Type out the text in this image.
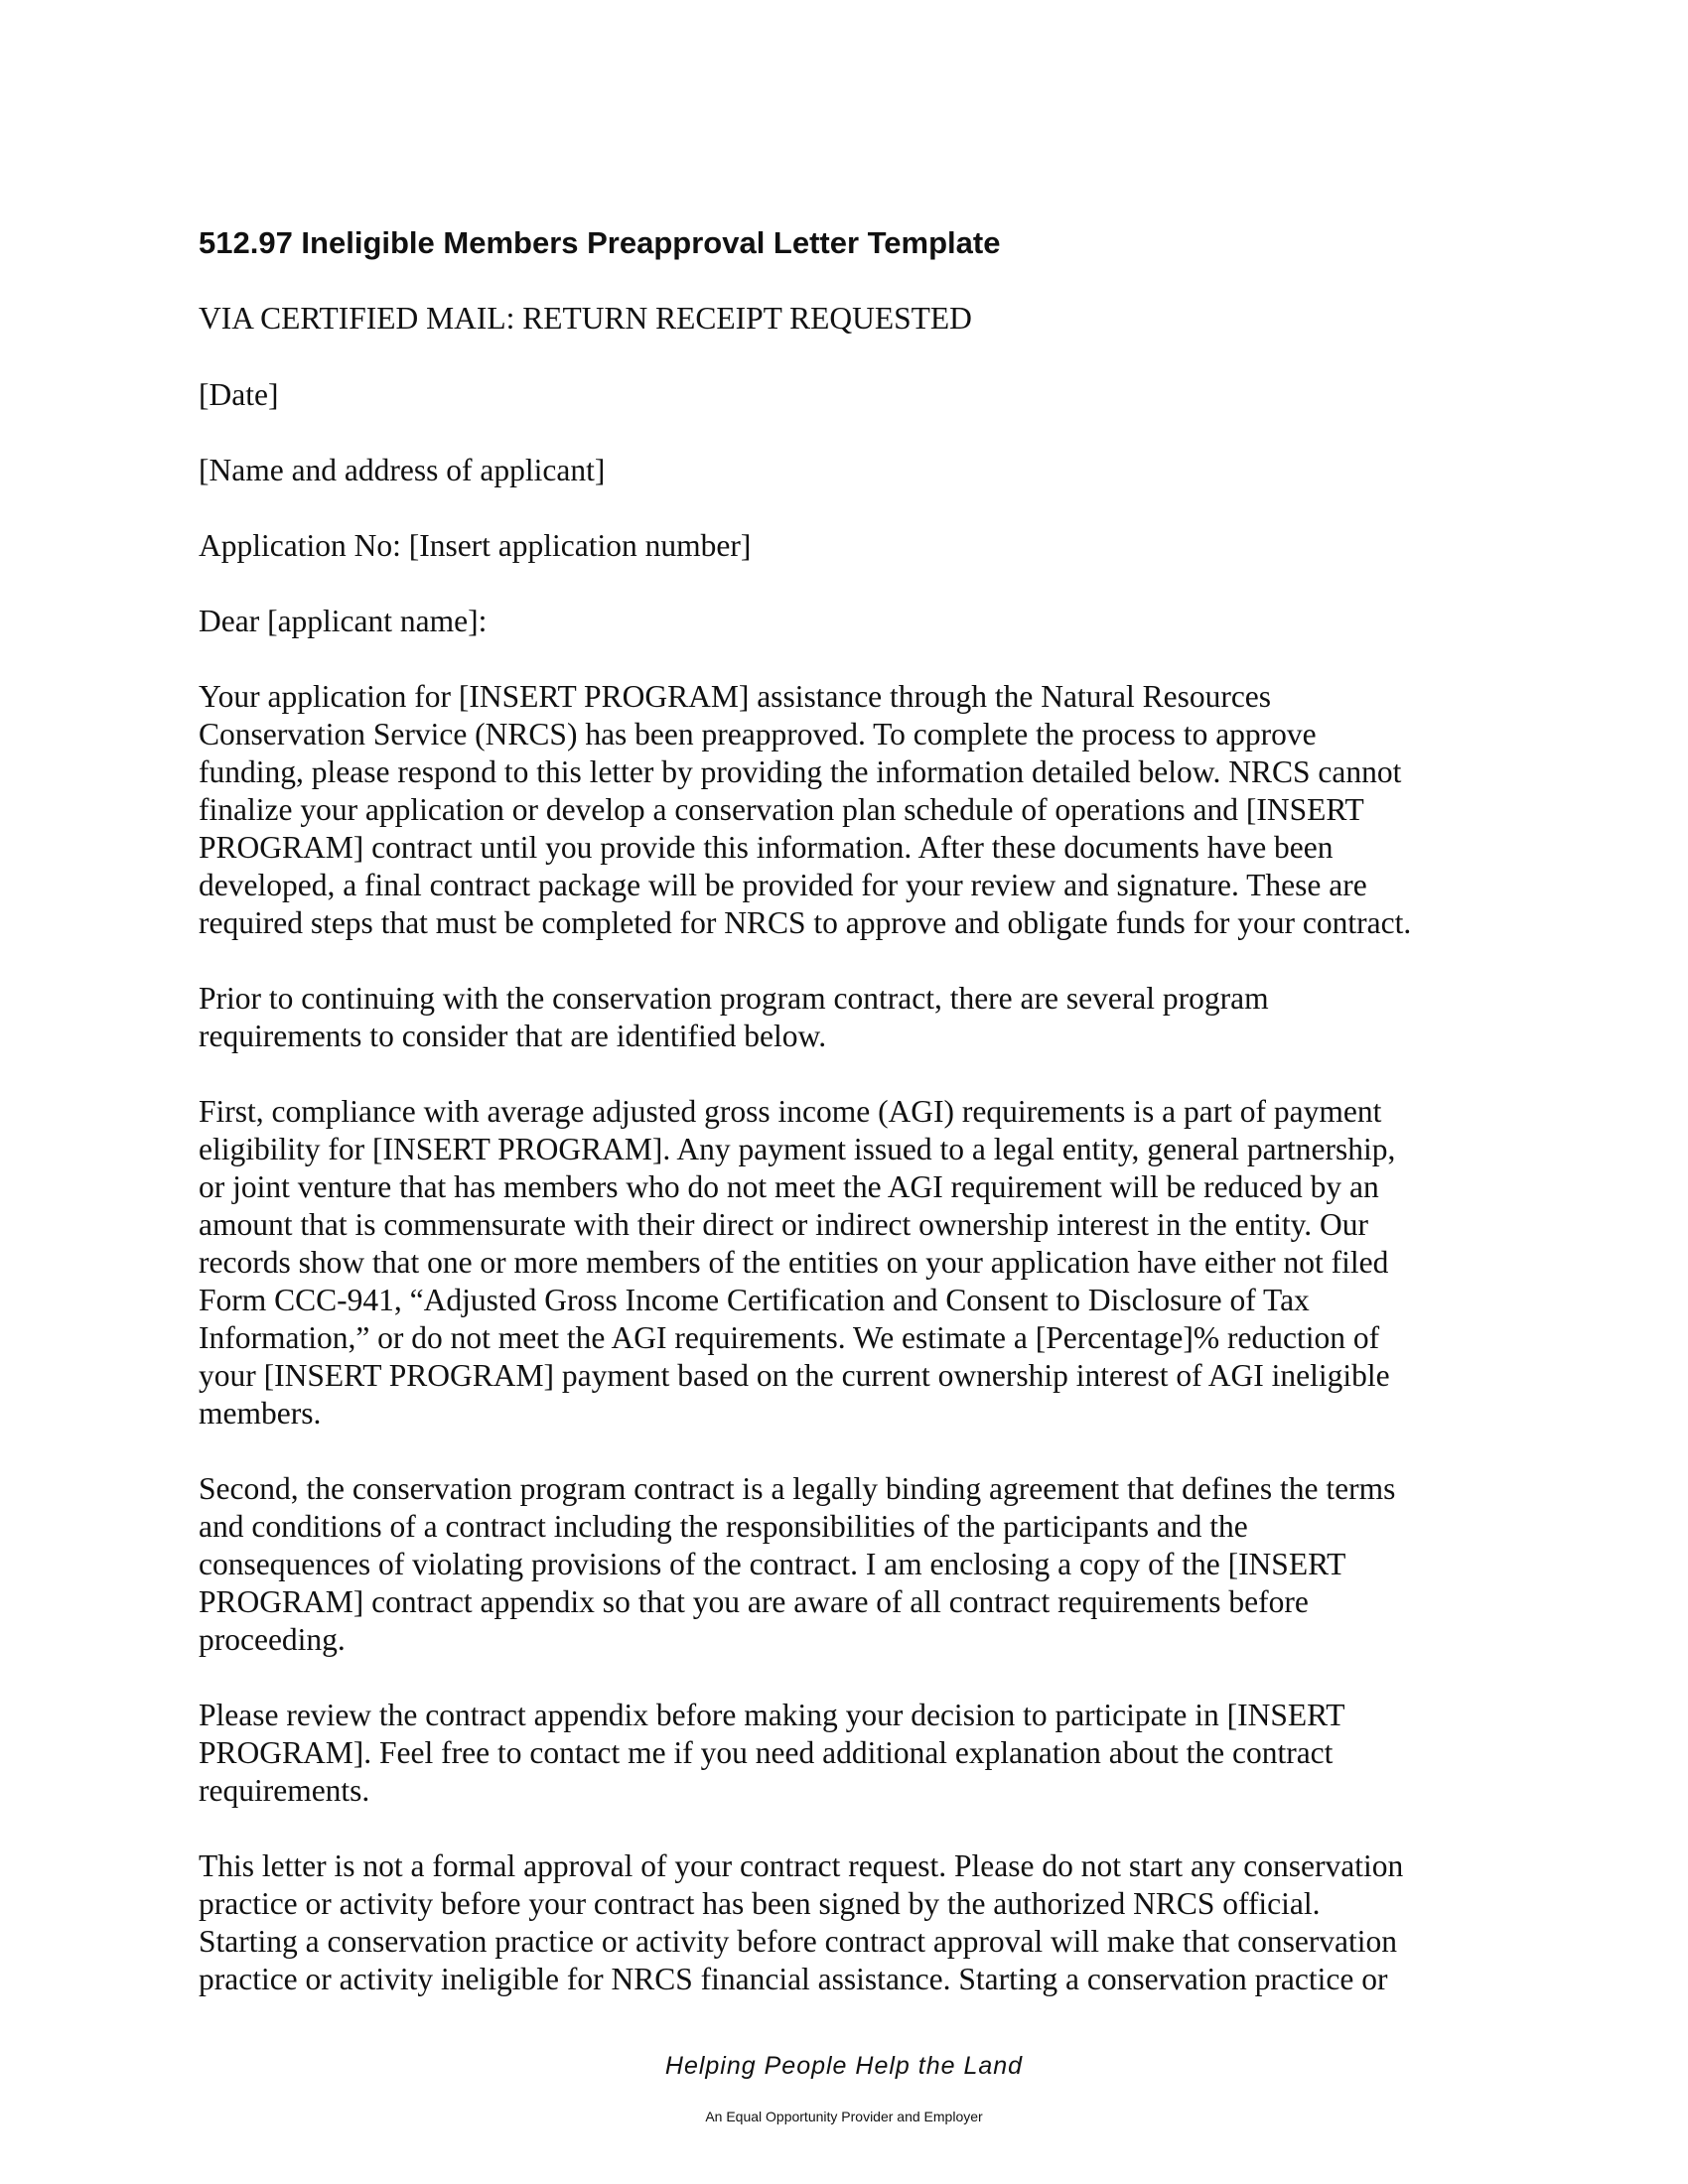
512.97 Ineligible Members Preapproval Letter Template

VIA CERTIFIED MAIL: RETURN RECEIPT REQUESTED

[Date]

[Name and address of applicant]

Application No: [Insert application number]

Dear [applicant name]:

Your application for [INSERT PROGRAM] assistance through the Natural Resources
Conservation Service (NRCS) has been preapproved. To complete the process to approve
funding, please respond to this letter by providing the information detailed below. NRCS cannot
finalize your application or develop a conservation plan schedule of operations and [INSERT
PROGRAM] contract until you provide this information. After these documents have been
developed, a final contract package will be provided for your review and signature. These are
required steps that must be completed for NRCS to approve and obligate funds for your contract.

Prior to continuing with the conservation program contract, there are several program
requirements to consider that are identified below.

First, compliance with average adjusted gross income (AGI) requirements is a part of payment
eligibility for [INSERT PROGRAM]. Any payment issued to a legal entity, general partnership,
or joint venture that has members who do not meet the AGI requirement will be reduced by an
amount that is commensurate with their direct or indirect ownership interest in the entity. Our
records show that one or more members of the entities on your application have either not filed
Form CCC-941, “Adjusted Gross Income Certification and Consent to Disclosure of Tax
Information,” or do not meet the AGI requirements. We estimate a [Percentage]% reduction of
your [INSERT PROGRAM] payment based on the current ownership interest of AGI ineligible
members.

Second, the conservation program contract is a legally binding agreement that defines the terms
and conditions of a contract including the responsibilities of the participants and the
consequences of violating provisions of the contract. I am enclosing a copy of the [INSERT
PROGRAM] contract appendix so that you are aware of all contract requirements before
proceeding.

Please review the contract appendix before making your decision to participate in [INSERT
PROGRAM]. Feel free to contact me if you need additional explanation about the contract
requirements.

This letter is not a formal approval of your contract request. Please do not start any conservation
practice or activity before your contract has been signed by the authorized NRCS official.
Starting a conservation practice or activity before contract approval will make that conservation
practice or activity ineligible for NRCS financial assistance. Starting a conservation practice or

Helping People Help the Land

An Equal Opportunity Provider and Employer
